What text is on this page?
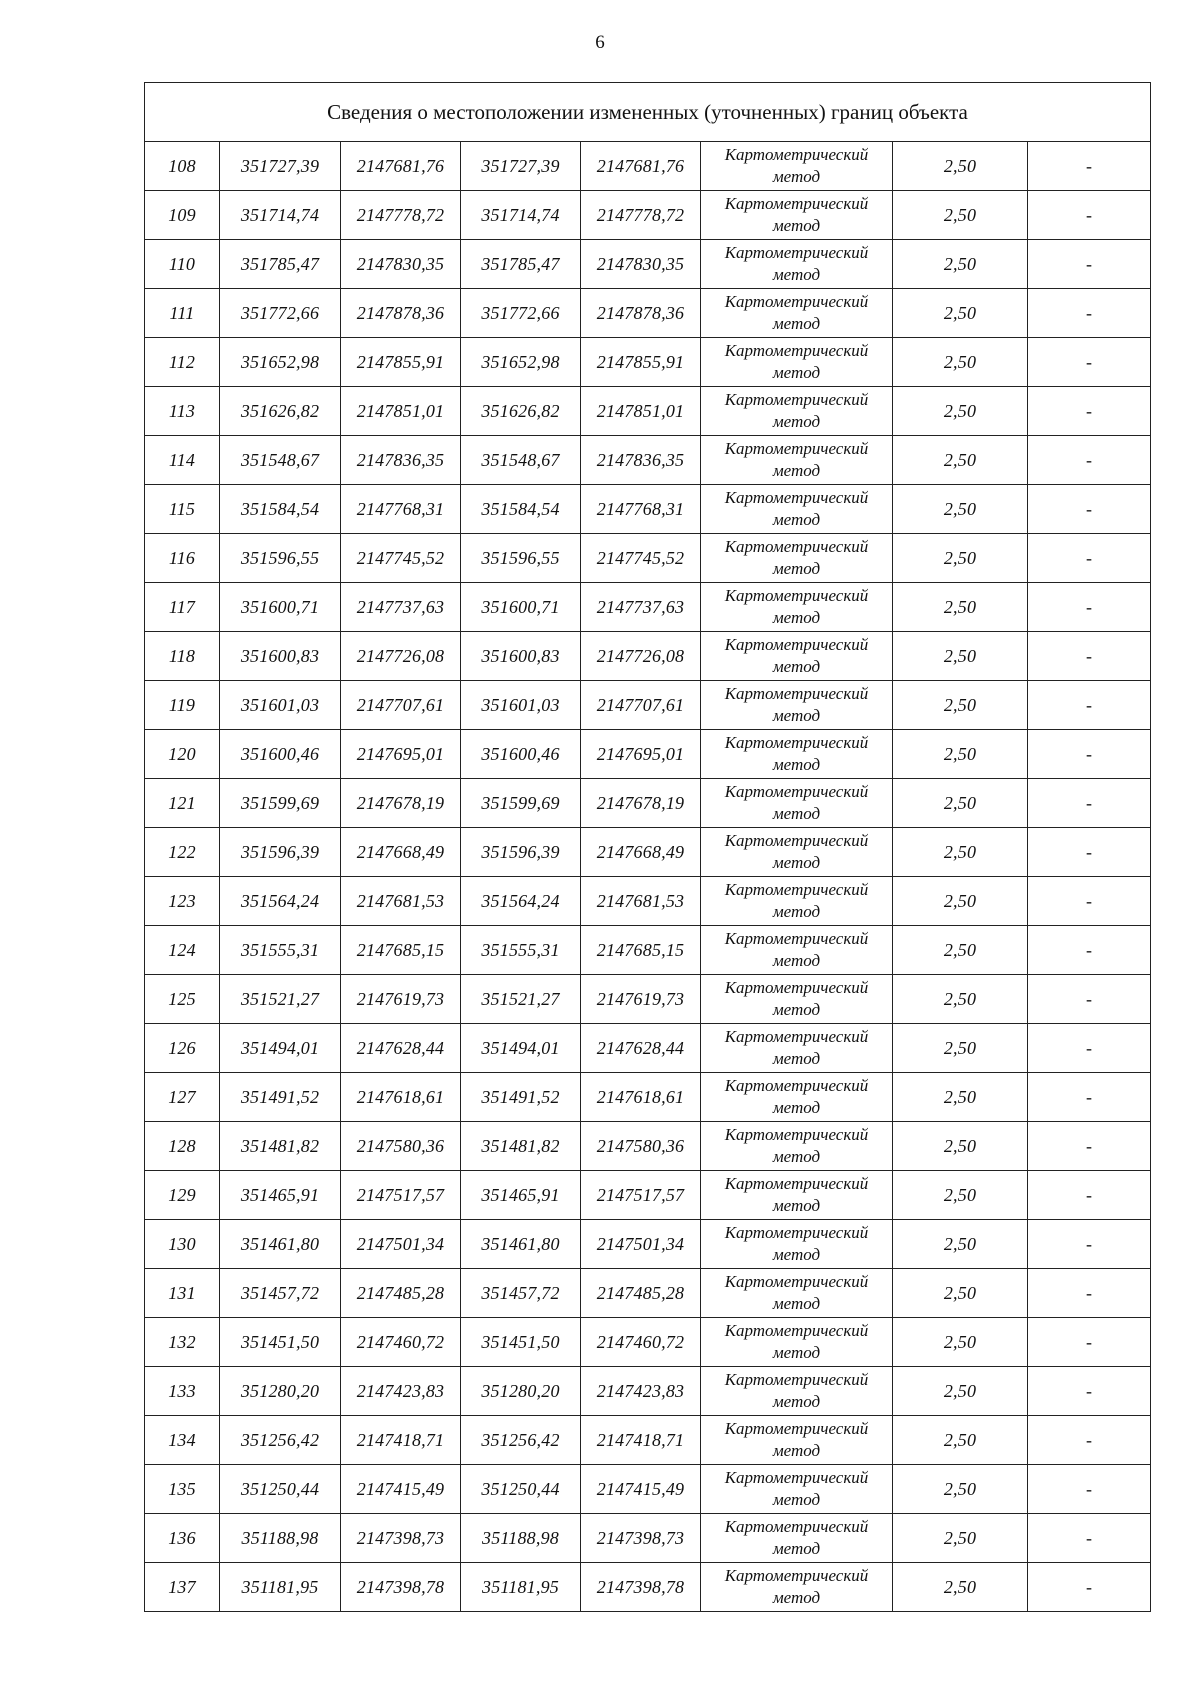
6
Сведения о местоположении измененных (уточненных) границ объекта							
108	351727,39	2147681,76	351727,39	2147681,76	Картометрический
метод	2,50	-
109	351714,74	2147778,72	351714,74	2147778,72	Картометрический
метод	2,50	-
110	351785,47	2147830,35	351785,47	2147830,35	Картометрический
метод	2,50	-
111	351772,66	2147878,36	351772,66	2147878,36	Картометрический
метод	2,50	-
112	351652,98	2147855,91	351652,98	2147855,91	Картометрический
метод	2,50	-
113	351626,82	2147851,01	351626,82	2147851,01	Картометрический
метод	2,50	-
114	351548,67	2147836,35	351548,67	2147836,35	Картометрический
метод	2,50	-
115	351584,54	2147768,31	351584,54	2147768,31	Картометрический
метод	2,50	-
116	351596,55	2147745,52	351596,55	2147745,52	Картометрический
метод	2,50	-
117	351600,71	2147737,63	351600,71	2147737,63	Картометрический
метод	2,50	-
118	351600,83	2147726,08	351600,83	2147726,08	Картометрический
метод	2,50	-
119	351601,03	2147707,61	351601,03	2147707,61	Картометрический
метод	2,50	-
120	351600,46	2147695,01	351600,46	2147695,01	Картометрический
метод	2,50	-
121	351599,69	2147678,19	351599,69	2147678,19	Картометрический
метод	2,50	-
122	351596,39	2147668,49	351596,39	2147668,49	Картометрический
метод	2,50	-
123	351564,24	2147681,53	351564,24	2147681,53	Картометрический
метод	2,50	-
124	351555,31	2147685,15	351555,31	2147685,15	Картометрический
метод	2,50	-
125	351521,27	2147619,73	351521,27	2147619,73	Картометрический
метод	2,50	-
126	351494,01	2147628,44	351494,01	2147628,44	Картометрический
метод	2,50	-
127	351491,52	2147618,61	351491,52	2147618,61	Картометрический
метод	2,50	-
128	351481,82	2147580,36	351481,82	2147580,36	Картометрический
метод	2,50	-
129	351465,91	2147517,57	351465,91	2147517,57	Картометрический
метод	2,50	-
130	351461,80	2147501,34	351461,80	2147501,34	Картометрический
метод	2,50	-
131	351457,72	2147485,28	351457,72	2147485,28	Картометрический
метод	2,50	-
132	351451,50	2147460,72	351451,50	2147460,72	Картометрический
метод	2,50	-
133	351280,20	2147423,83	351280,20	2147423,83	Картометрический
метод	2,50	-
134	351256,42	2147418,71	351256,42	2147418,71	Картометрический
метод	2,50	-
135	351250,44	2147415,49	351250,44	2147415,49	Картометрический
метод	2,50	-
136	351188,98	2147398,73	351188,98	2147398,73	Картометрический
метод	2,50	-
137	351181,95	2147398,78	351181,95	2147398,78	Картометрический
метод	2,50	-
